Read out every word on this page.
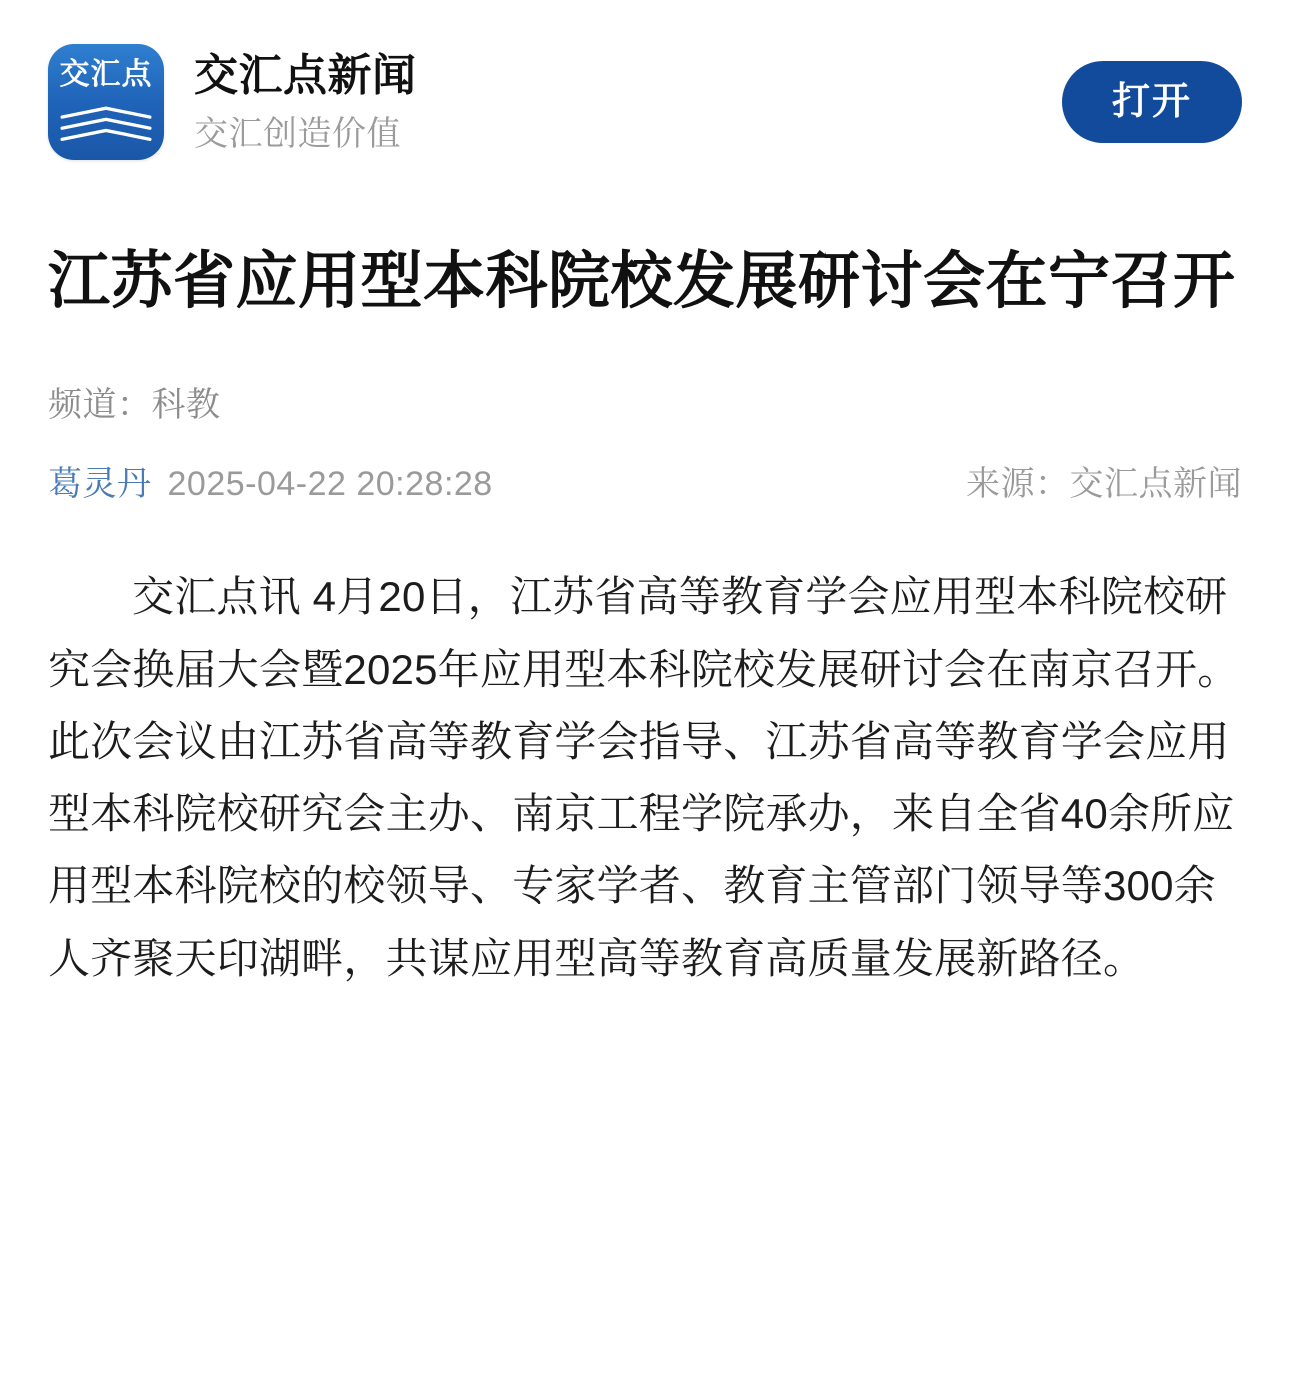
交汇点 交汇点新闻
交汇创造价值
打开
江苏省应用型本科院校发展研讨会在宁召开
频道：科教
葛灵丹 2025-04-22 20:28:28	来源：交汇点新闻

交汇点讯 4月20日，江苏省高等教育学会应用型本科院校研究会换届大会暨2025年应用型本科院校发展研讨会在南京召开。此次会议由江苏省高等教育学会指导、江苏省高等教育学会应用型本科院校研究会主办、南京工程学院承办，来自全省40余所应用型本科院校的校领导、专家学者、教育主管部门领导等300余人齐聚天印湖畔，共谋应用型高等教育高质量发展新路径。
